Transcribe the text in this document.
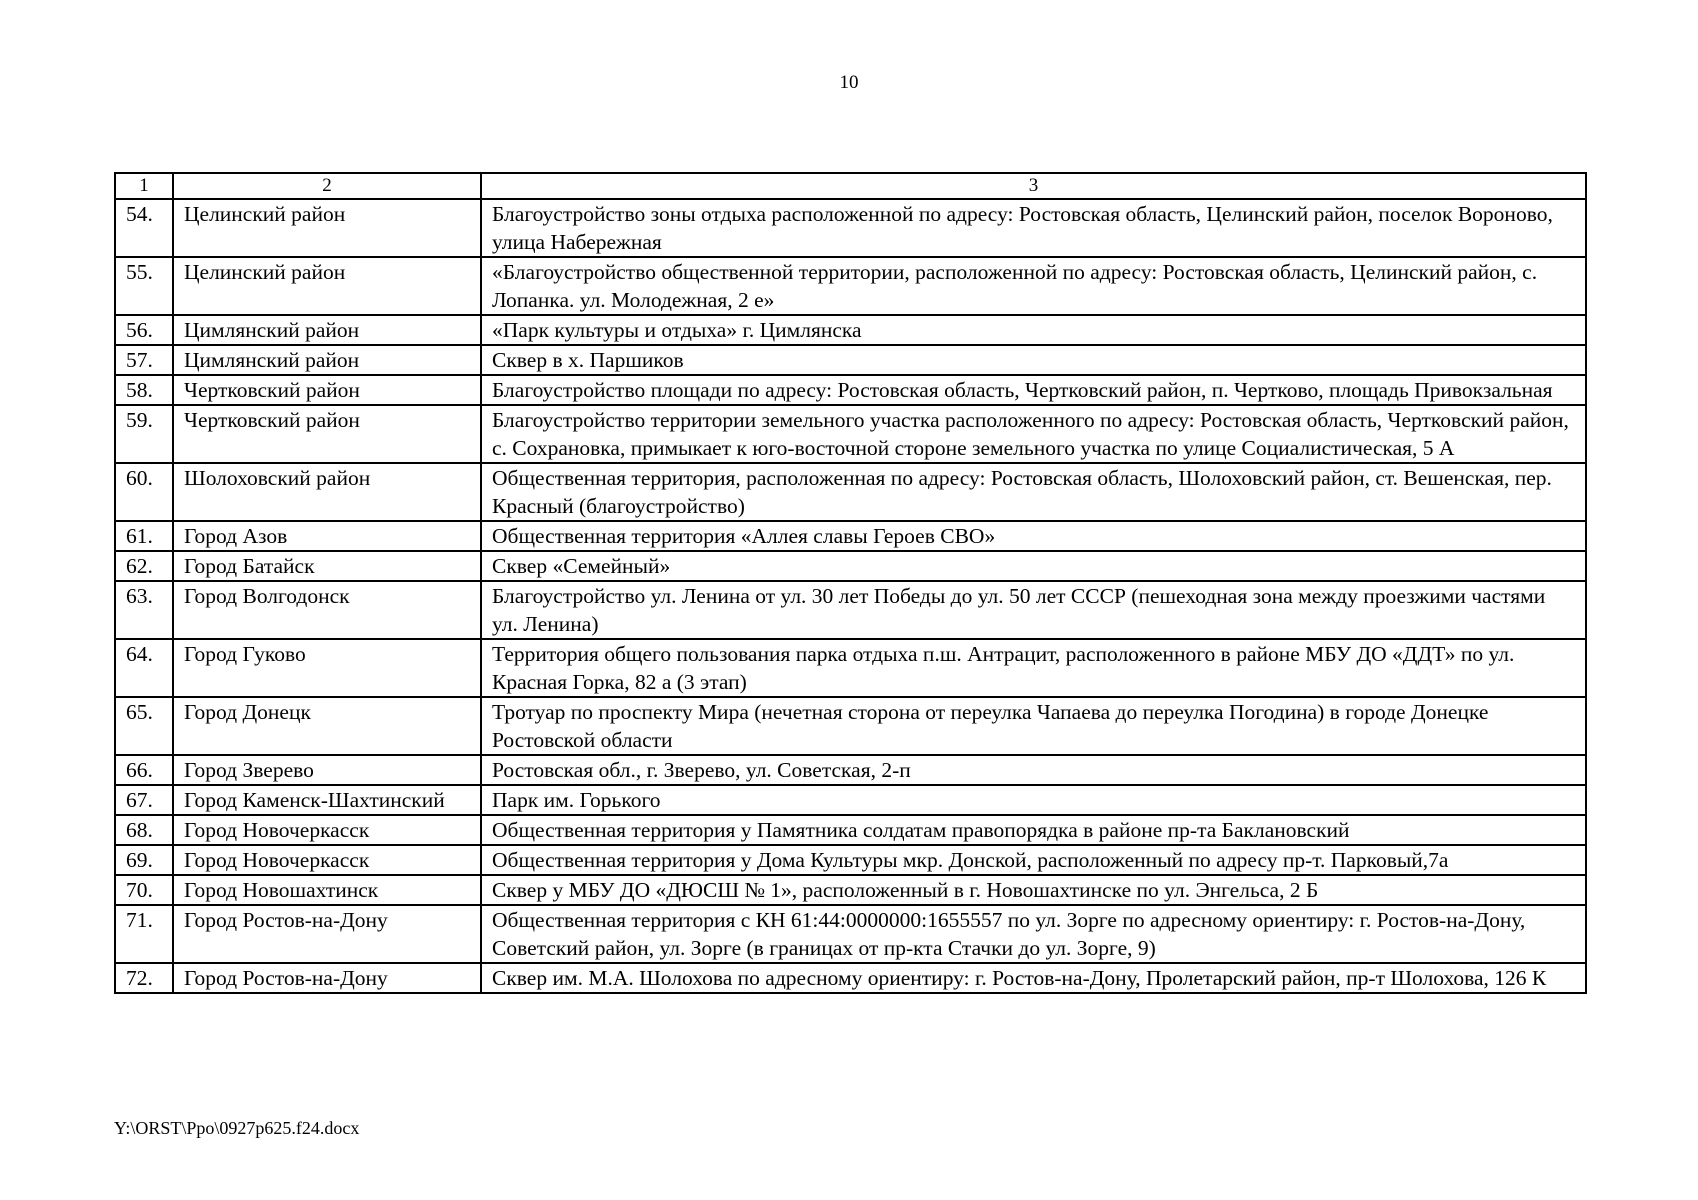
10
1	2	3
54.	Целинский район	Благоустройство зоны отдыха расположенной по адресу: Ростовская область, Целинский район, поселок Вороново, улица Набережная
55.	Целинский район	«Благоустройство общественной территории, расположенной по адресу: Ростовская область, Целинский район, с. Лопанка. ул. Молодежная, 2 е»
56.	Цимлянский район	«Парк культуры и отдыха» г. Цимлянска
57.	Цимлянский район	Сквер в х. Паршиков
58.	Чертковский район	Благоустройство площади по адресу: Ростовская область, Чертковский район, п. Чертково, площадь Привокзальная
59.	Чертковский район	Благоустройство территории земельного участка расположенного по адресу: Ростовская область, Чертковский район, с. Сохрановка, примыкает к юго-восточной стороне земельного участка по улице Социалистическая, 5 А
60.	Шолоховский район	Общественная территория, расположенная по адресу: Ростовская область, Шолоховский район, ст. Вешенская, пер. Красный (благоустройство)
61.	Город Азов	Общественная территория «Аллея славы Героев СВО»
62.	Город Батайск	Сквер «Семейный»
63.	Город Волгодонск	Благоустройство ул. Ленина от ул. 30 лет Победы до ул. 50 лет СССР (пешеходная зона между проезжими частями ул. Ленина)
64.	Город Гуково	Территория общего пользования парка отдыха п.ш. Антрацит, расположенного в районе МБУ ДО «ДДТ» по ул. Красная Горка, 82 а (3 этап)
65.	Город Донецк	Тротуар по проспекту Мира (нечетная сторона от переулка Чапаева до переулка Погодина) в городе Донецке Ростовской области
66.	Город Зверево	Ростовская обл., г. Зверево, ул. Советская, 2-п
67.	Город Каменск-Шахтинский	Парк им. Горького
68.	Город Новочеркасск	Общественная территория у Памятника солдатам правопорядка в районе пр-та Баклановский
69.	Город Новочеркасск	Общественная территория у Дома Культуры мкр. Донской, расположенный по адресу пр-т. Парковый,7а
70.	Город Новошахтинск	Сквер у МБУ ДО «ДЮСШ № 1», расположенный в г. Новошахтинске по ул. Энгельса, 2 Б
71.	Город Ростов-на-Дону	Общественная территория с КН 61:44:0000000:1655557 по ул. Зорге по адресному ориентиру: г. Ростов-на-Дону, Советский район, ул. Зорге (в границах от пр-кта Стачки до ул. Зорге, 9)
72.	Город Ростов-на-Дону	Сквер им. М.А. Шолохова по адресному ориентиру: г. Ростов-на-Дону, Пролетарский район, пр-т Шолохова, 126 К
Y:\ORST\Ppo\0927p625.f24.docx
